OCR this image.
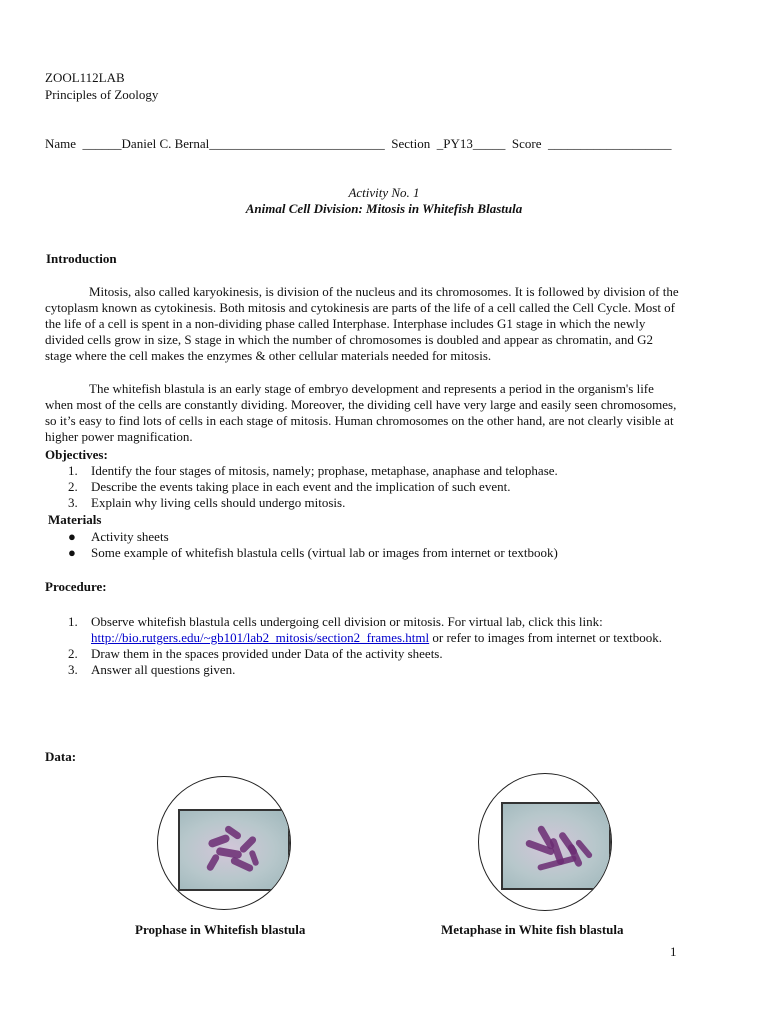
ZOOL112LAB
Principles of Zoology
Name  ______Daniel C. Bernal___________________________ Section  _PY13_____ Score  ___________________
Activity No. 1
Animal Cell Division: Mitosis in Whitefish Blastula
Introduction
Mitosis, also called karyokinesis, is division of the nucleus and its chromosomes. It is followed by division of the cytoplasm known as cytokinesis. Both mitosis and cytokinesis are parts of the life of a cell called the Cell Cycle. Most of the life of a cell is spent in a non-dividing phase called Interphase. Interphase includes G1 stage in which the newly divided cells grow in size, S stage in which the number of chromosomes is doubled and appear as chromatin, and G2 stage where the cell makes the enzymes & other cellular materials needed for mitosis.
The whitefish blastula is an early stage of embryo development and represents a period in the organism's life when most of the cells are constantly dividing. Moreover, the dividing cell have very large and easily seen chromosomes, so it’s easy to find lots of cells in each stage of mitosis. Human chromosomes on the other hand, are not clearly visible at higher power magnification.
Objectives:
1. Identify the four stages of mitosis, namely; prophase, metaphase, anaphase and telophase.
2. Describe the events taking place in each event and the implication of such event.
3. Explain why living cells should undergo mitosis.
Materials
● Activity sheets
● Some example of whitefish blastula cells (virtual lab or images from internet or textbook)
Procedure:
1. Observe whitefish blastula cells undergoing cell division or mitosis. For virtual lab, click this link: http://bio.rutgers.edu/~gb101/lab2_mitosis/section2_frames.html or refer to images from internet or textbook.
2. Draw them in the spaces provided under Data of the activity sheets.
3. Answer all questions given.
Data:
Prophase in Whitefish blastula	Metaphase in White fish blastula
1
